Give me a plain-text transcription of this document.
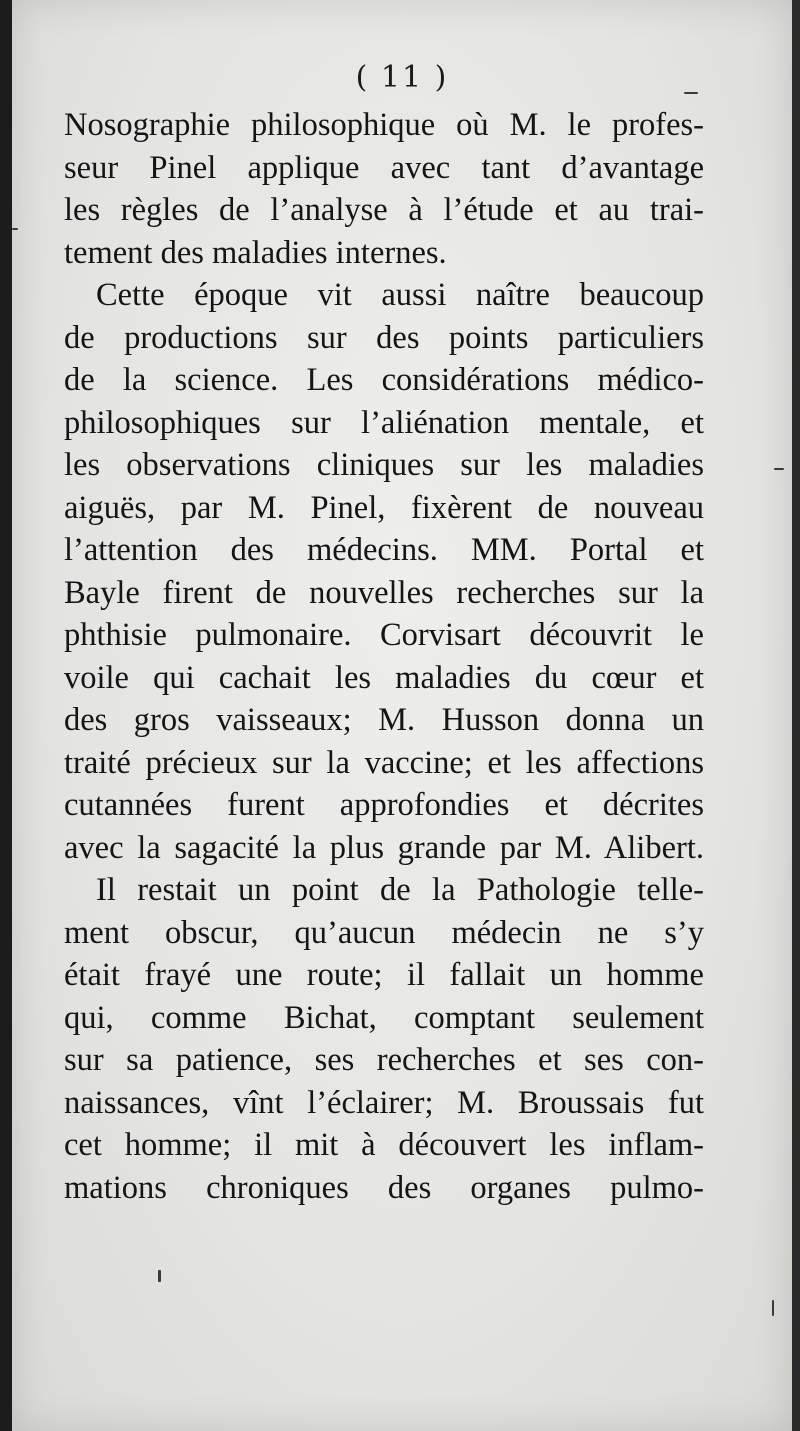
( 11 )
Nosographie philosophique où M. le profes-
seur Pinel applique avec tant d’avantage
les règles de l’analyse à l’étude et au trai-
tement des maladies internes.
Cette époque vit aussi naître beaucoup
de productions sur des points particuliers
de la science. Les considérations médico-
philosophiques sur l’aliénation mentale, et
les observations cliniques sur les maladies
aiguës, par M. Pinel, fixèrent de nouveau
l’attention des médecins. MM. Portal et
Bayle firent de nouvelles recherches sur la
phthisie pulmonaire. Corvisart découvrit le
voile qui cachait les maladies du cœur et
des gros vaisseaux; M. Husson donna un
traité précieux sur la vaccine; et les affections
cutannées furent approfondies et décrites
avec la sagacité la plus grande par M. Alibert.
Il restait un point de la Pathologie telle-
ment obscur, qu’aucun médecin ne s’y
était frayé une route; il fallait un homme
qui, comme Bichat, comptant seulement
sur sa patience, ses recherches et ses con-
naissances, vînt l’éclairer; M. Broussais fut
cet homme; il mit à découvert les inflam-
mations chroniques des organes pulmo-
